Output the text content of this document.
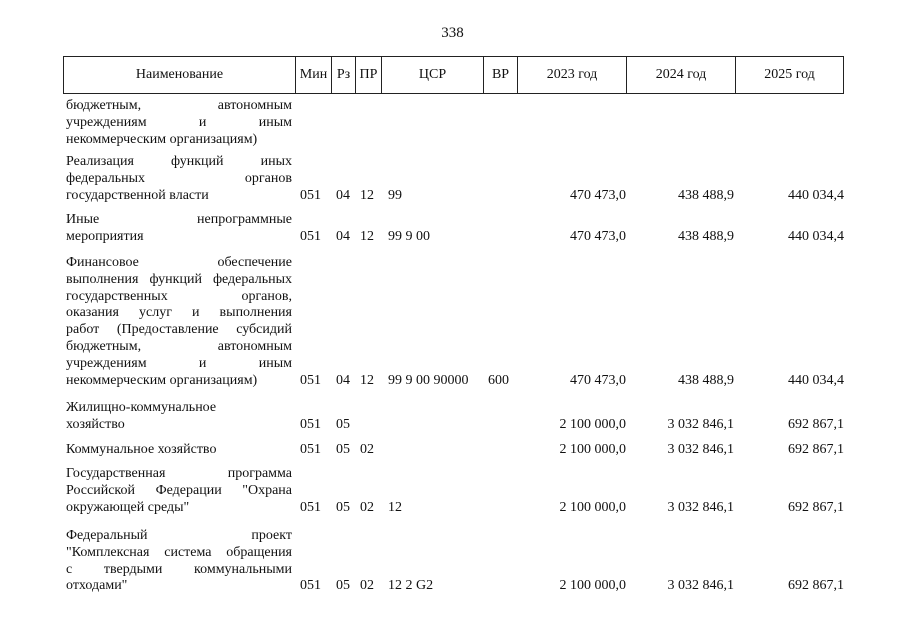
338
Наименование	Мин Рз ПР	ЦСР	ВР	2023 год	2024 год	2025 год
бюджетным, автономным
учреждениям и иным
некоммерческим организациям)
Реализация функций иных
федеральных органов
государственной власти	051	04 12	99	470 473,0	438 488,9	440 034,4
Иные непрограммные
мероприятия	051	04 12	99 9 00	470 473,0	438 488,9	440 034,4
Финансовое обеспечение
выполнения функций федеральных
государственных органов,
оказания услуг и выполнения
работ (Предоставление субсидий
бюджетным, автономным
учреждениям и иным
некоммерческим организациям)	051	04 12	99 9 00 90000	600	470 473,0	438 488,9	440 034,4
Жилищно-коммунальное
хозяйство	051	05	2 100 000,0	3 032 846,1	692 867,1
Коммунальное хозяйство	051	05 02	2 100 000,0	3 032 846,1	692 867,1
Государственная программа
Российской Федерации "Охрана
окружающей среды"	051	05 02	12	2 100 000,0	3 032 846,1	692 867,1
Федеральный проект
"Комплексная система обращения
с твердыми коммунальными
отходами"	051	05 02	12 2 G2	2 100 000,0	3 032 846,1	692 867,1
